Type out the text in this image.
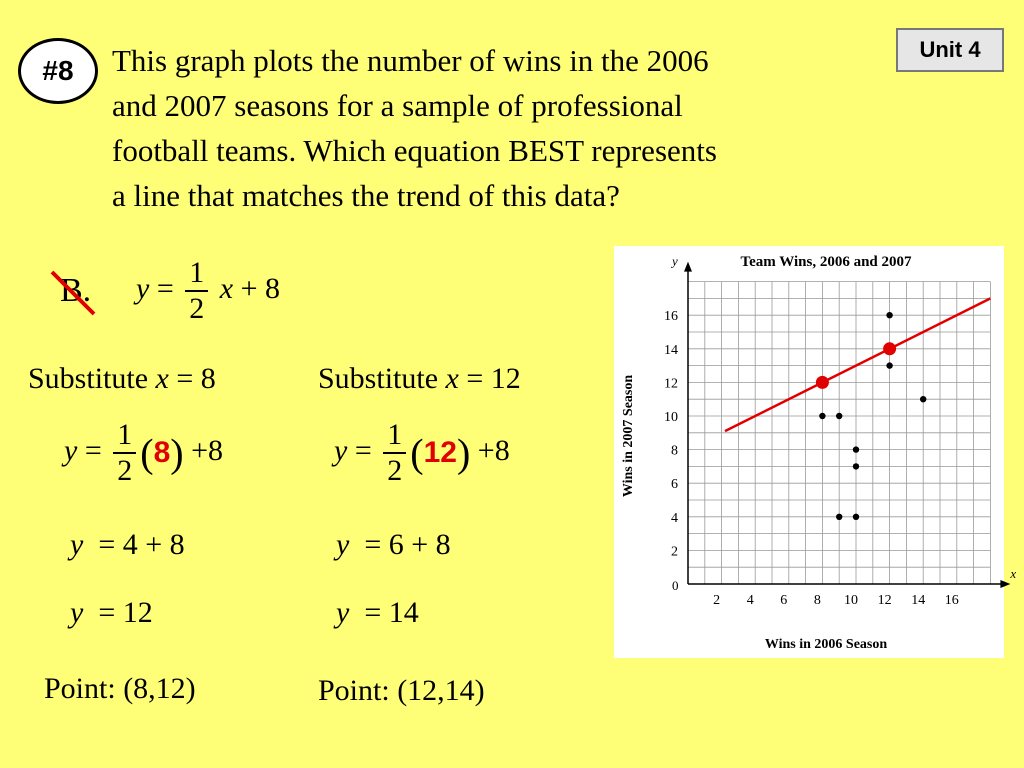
#8
Unit 4
This graph plots the number of wins in the 2006
and 2007 seasons for a sample of professional
football teams. Which equation BEST represents
a line that matches the trend of this data?
B. $y = \frac{1}{2}$ x + 8
Substitute x = 8
$y = \frac{1}{2} (8) +8$
y = 4 + 8
y = 12
Point: (8,12)
Substitute x = 12
$y = \frac{1}{2} (12) +8$
y = 6 + 8
y = 14
Point: (12,14)
Team Wins, 2006 and 2007
2 4 6 8 10 12 14 16
2
4
6
8
10
12
14
16
Wins in 2007 Season
Wins in 2006 Season
x
y
0
